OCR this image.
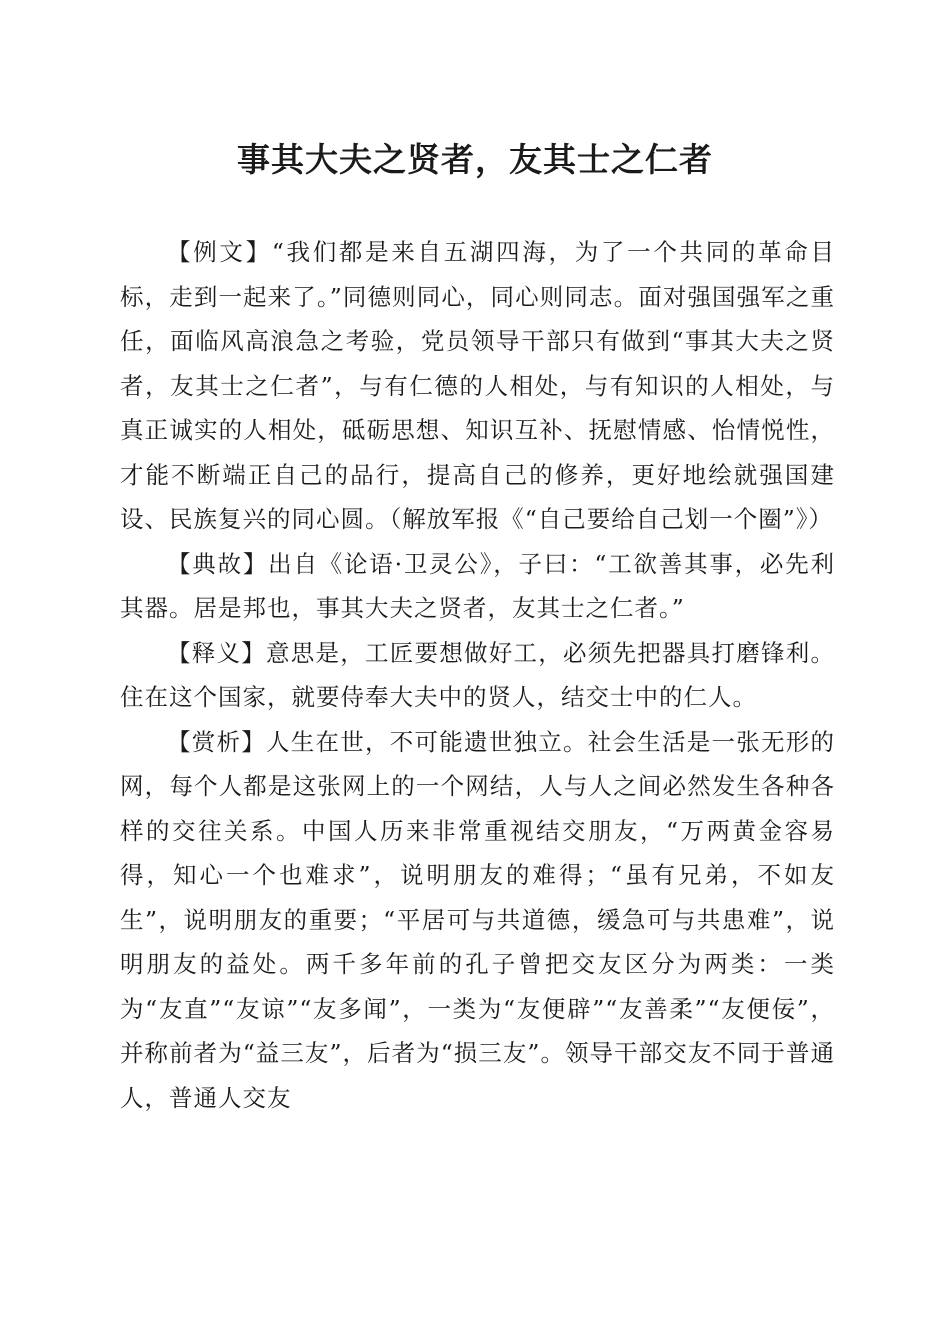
事其大夫之贤者，友其士之仁者

【例文】“我们都是来自五湖四海，为了一个共同的革命目标，走到一起来了。”同德则同心，同心则同志。面对强国强军之重任，面临风高浪急之考验，党员领导干部只有做到“事其大夫之贤者，友其士之仁者”，与有仁德的人相处，与有知识的人相处，与真正诚实的人相处，砥砺思想、知识互补、抚慰情感、怡情悦性，才能不断端正自己的品行，提高自己的修养，更好地绘就强国建设、民族复兴的同心圆。（解放军报《“自己要给自己划一个圈”》）

【典故】出自《论语·卫灵公》，子曰：“工欲善其事，必先利其器。居是邦也，事其大夫之贤者，友其士之仁者。”

【释义】意思是，工匠要想做好工，必须先把器具打磨锋利。住在这个国家，就要侍奉大夫中的贤人，结交士中的仁人。

【赏析】人生在世，不可能遗世独立。社会生活是一张无形的网，每个人都是这张网上的一个网结，人与人之间必然发生各种各样的交往关系。中国人历来非常重视结交朋友，“万两黄金容易得，知心一个也难求”，说明朋友的难得；“虽有兄弟，不如友生”，说明朋友的重要；“平居可与共道德，缓急可与共患难”，说明朋友的益处。两千多年前的孔子曾把交友区分为两类：一类为“友直”“友谅”“友多闻”，一类为“友便辟”“友善柔”“友便佞”，并称前者为“益三友”，后者为“损三友”。领导干部交友不同于普通人，普通人交友
